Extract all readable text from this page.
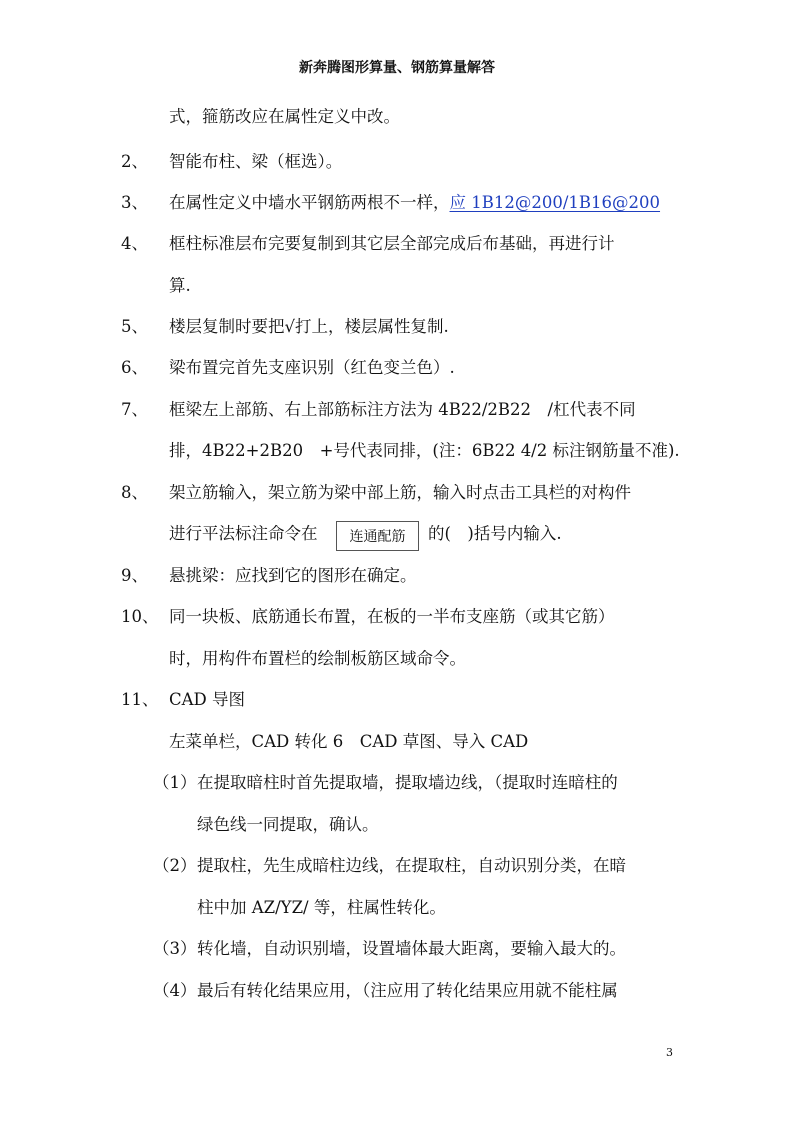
新奔腾图形算量、钢筋算量解答
式，箍筋改应在属性定义中改。
2、 智能布柱、梁（框选）。
3、 在属性定义中墙水平钢筋两根不一样，应 1B12@200/1B16@200
4、 框柱标准层布完要复制到其它层全部完成后布基础，再进行计
算.
5、 楼层复制时要把√打上，楼层属性复制.
6、 梁布置完首先支座识别（红色变兰色）.
7、 框梁左上部筋、右上部筋标注方法为 4B22/2B22　/杠代表不同
排，4B22+2B20　+号代表同排，(注：6B22 4/2 标注钢筋量不准).
8、 架立筋输入，架立筋为梁中部上筋，输入时点击工具栏的对构件
进行平法标注命令在	连通配筋	的(　)括号内输入.
9、 悬挑梁：应找到它的图形在确定。
10、 同一块板、底筋通长布置，在板的一半布支座筋（或其它筋）
时，用构件布置栏的绘制板筋区域命令。
11、 CAD 导图
左菜单栏，CAD 转化 6　CAD 草图、导入 CAD
（1） 在提取暗柱时首先提取墙，提取墙边线，（提取时连暗柱的
绿色线一同提取，确认。
（2） 提取柱，先生成暗柱边线，在提取柱，自动识别分类，在暗
柱中加 AZ/YZ/ 等，柱属性转化。
（3） 转化墙，自动识别墙，设置墙体最大距离，要输入最大的。
（4） 最后有转化结果应用，（注应用了转化结果应用就不能柱属
3
